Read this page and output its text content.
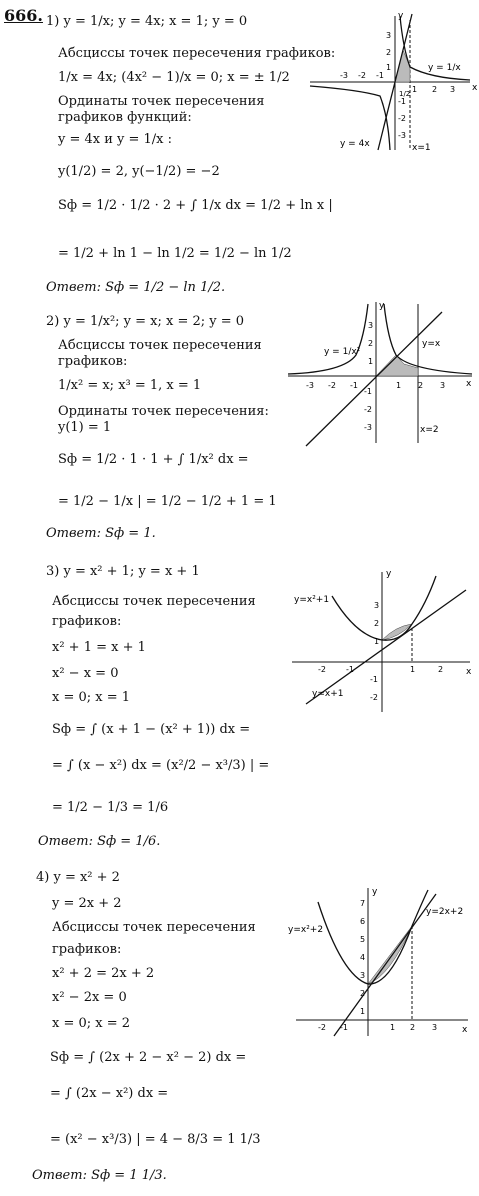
666. 1) y = 1/x; y = 4x; x = 1; y = 0
Абсциссы точек пересечения графиков:
1/x = 4x; (4x² − 1)/x = 0; x = ± 1/2
Ординаты точек пересечения
графиков функций:
y = 4x и y = 1/x :
y(1/2) = 2, y(−1/2) = −2
Sф = 1/2 · 1/2 · 2 + ∫ 1/x dx = 1/2 + ln x |
= 1/2 + ln 1 − ln 1/2 = 1/2 − ln 1/2
Ответ: Sф = 1/2 − ln 1/2.
x
y
y = 1/x
y = 4x	x=1
1/2
-3 -2 -1
1 2 3
3
2
1
-1
-2
-3
2) y = 1/x²; y = x; x = 2; y = 0
Абсциссы точек пересечения
графиков:
1/x² = x; x³ = 1, x = 1
Ординаты точек пересечения:
y(1) = 1
Sф = 1/2 · 1 · 1 + ∫ 1/x² dx =
= 1/2 − 1/x | = 1/2 − 1/2 + 1 = 1
Ответ: Sф = 1.
x
y
y = 1/x²
y=x
x=2
-3 -2 -1	1 2 3
3
2
1
-1
-2
-3
3) y = x² + 1; y = x + 1
Абсциссы точек пересечения
графиков:
x² + 1 = x + 1
x² − x = 0
x = 0; x = 1
Sф = ∫ (x + 1 − (x² + 1)) dx =
= ∫ (x − x²) dx = (x²/2 − x³/3) | =
= 1/2 − 1/3 = 1/6
Ответ: Sф = 1/6.
x
y
y=x²+1
y=x+1
-2	-1	1	2
3
2
1
-1
-2
4) y = x² + 2
y = 2x + 2
Абсциссы точек пересечения
графиков:
x² + 2 = 2x + 2
x² − 2x = 0
x = 0; x = 2
Sф = ∫ (2x + 2 − x² − 2) dx =
= ∫ (2x − x²) dx =
= (x² − x³/3) | = 4 − 8/3 = 1 1/3
Ответ: Sф = 1 1/3.
x
y
y=x²+2
y=2x+2
-2 -1	1 2 3
7
6
5
4
3
2
1
